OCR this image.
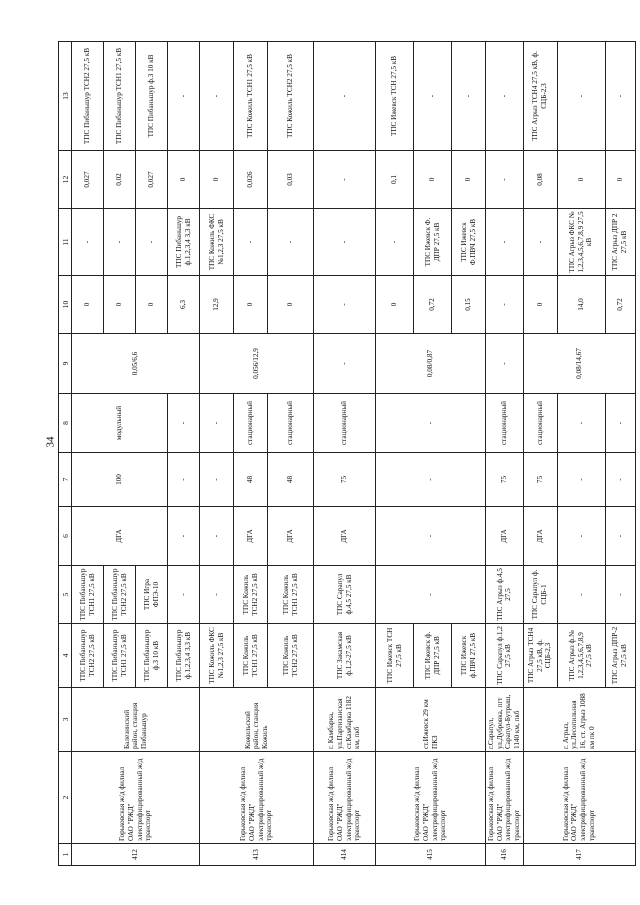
34
1	2	3	4	5	6	7	8	9	10	11	12	13
412	Горьковская ж/д филиал ОАО "РЖД" электрифицированный ж/д транспорт	Балезинский район, станция Пибаньшур	ТПС Пибаньшур ТСН2 27,5 кВ	ТПС Пибаньшур ТСН1 27,5 кВ	ДГА	100	модульный	0,05/6,6	0	-	0,027	ТПС Пибаньшур ТСН2 27,5 кВ
			ТПС Пибаньшур ТСН1 27,5 кВ	ТПС Пибаньшур ТСН2 27,5 кВ					0	-	0,02	ТПС Пибаньшур ТСН1 27,5 кВ
			ТПС Пибаньшур ф.3 10 кВ	ТПС Игра ФПЭ-10					0	-	0,027	ТПС Пибаньшур ф.3 10 кВ
			ТПС Пибаньшур ф.1,2,3,4 3,3 кВ	-	-	-	-		6,3	ТПС Пибаньшур ф.1,2,3,4 3,3 кВ	0	-
413	Горьковская ж/д филиал ОАО "РЖД" электрифицированный ж/д транспорт	Кожильский район, станция Кожиль	ТПС Кожиль ФКС №1,2,3 27,5 кВ	-	-	-	-	0,056/12,9	12,9	ТПС Кожиль ФКС №1,2,3 27,5 кВ	0	-
			ТПС Кожиль ТСН1 27,5 кВ	ТПС Кожиль ТСН2 27,5 кВ	ДГА	48	стационарный		0	-	0,026	ТПС Кожиль ТСН1 27,5 кВ
			ТПС Кожиль ТСН2 27,5 кВ	ТПС Кожиль ТСН1 27,5 кВ	ДГА	48	стационарный		0	-	0,03	ТПС Кожиль ТСН2 27,5 кВ
414	Горьковская ж/д филиал ОАО "РЖД" электрифицированный ж/д транспорт	г. Камбарка, ул.Партизанская ст.Камбарка 1182 км, пкб	ТПС Закамская ф.1,2-27,5 кВ	ТПС Сарапул ф.4,5 27,5 кВ	ДГА	75	стационарный	-	-	-	-	-
415	Горьковская ж/д филиал ОАО "РЖД" электрифицированный ж/д транспорт	ст.Ижевск 29 км ПКЗ	ТПС Ижевск ТСН 27,5 кВ	-	-	-	-	0,08/0,87	0	-	0,1	ТПС Ижевск ТСН 27,5 кВ
			ТПС Ижевск ф. ДПР 27,5 кВ						0,72	ТПС Ижевск Ф. ДПР 27,5 кВ	0	-
			ТПС Ижевск ф.ПВЧ 27,5 кВ						0,15	ТПС Ижевск Ф.ПВЧ 27,5 кВ	0	-
416	Горьковская ж/д филиал ОАО "РЖД" электрифицированный ж/д транспорт	г.Сарапул, ул.Дубровка, пгт Сарапул-Бутрыш, 1140 км, пкб	ТПС Сарапул ф.1,2 27,5 кВ	ТПС Агрыз ф.4,5 27,5	ДГА	75	стационарный	-	-	-	-	-
417	Горьковская ж/д филиал ОАО "РЖД" электрифицированный ж/д транспорт	г. Агрыз, ул.Лесопильная 16, ст. Агрыз 1088 км пк 0	ТПС Агрыз ТСН4 27,5 кВ, ф. СЦБ-2,3	ТПС Сарапул ф. СЦБ-1	ДГА	75	стационарный	0,08/14,67	0	-	0,08	ТПС Агрыз ТСН4 27,5 кВ, ф. СЦБ-2,3
			ТПС Агрыз ф.№ 1,2,3,4,5,6,7,8,9 27,5 кВ	-	-	-	-		14,0	ТПС Агрыз ФКС № 1,2,3,4,5,6,7,8,9 27,5 кВ	0	-
			ТПС Агрыз ДПР-2 27,5 кВ	-	-	-	-		0,72	ТПС Агрыз ДПР 2 27,5 кВ	0	-
